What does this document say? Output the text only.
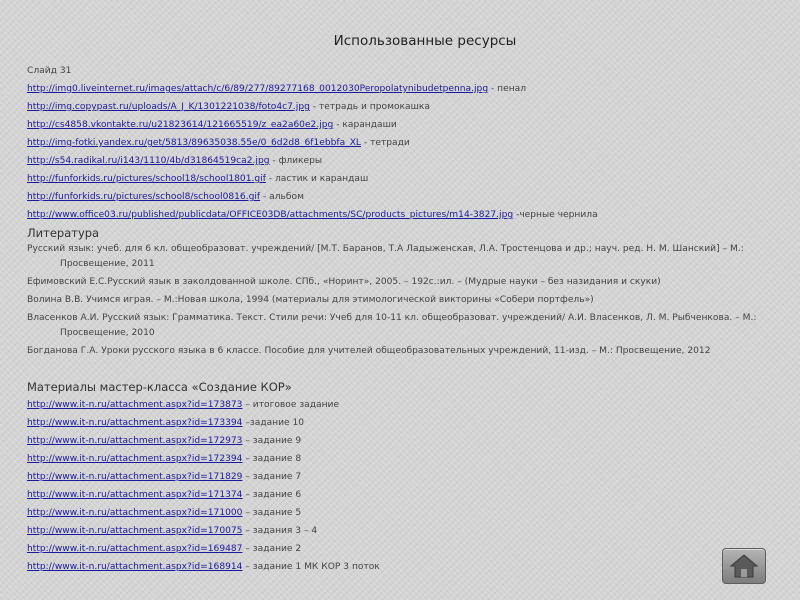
Использованные ресурсы
Слайд 31
http://img0.liveinternet.ru/images/attach/c/6/89/277/89277168_0012030Peropolatynibudetpenna.jpg - пенал
http://img.copypast.ru/uploads/A_J_K/1301221038/foto4c7.jpg - тетрадь и промокашка
http://cs4858.vkontakte.ru/u21823614/121665519/z_ea2a60e2.jpg - карандаши
http://img-fotki.yandex.ru/get/5813/89635038.55e/0_6d2d8_6f1ebbfa_XL - тетради
http://s54.radikal.ru/i143/1110/4b/d31864519ca2.jpg - фликеры
http://funforkids.ru/pictures/school18/school1801.gif - ластик и карандаш
http://funforkids.ru/pictures/school8/school0816.gif - альбом
http://www.office03.ru/published/publicdata/OFFICE03DB/attachments/SC/products_pictures/m14-3827.jpg -черные чернила
Литература
Русский язык: учеб. для 6 кл. общеобразоват. учреждений/ [М.Т. Баранов, Т.А Ладыженская, Л.А. Тростенцова и др.; науч. ред. Н. М. Шанский] – М.: Просвещение, 2011
Ефимовский Е.С.Русский язык в заколдованной школе. СПб., «Норинт», 2005. – 192с.:ил. – (Мудрые науки – без назидания и скуки)
Волина В.В. Учимся играя. – М.:Новая школа, 1994 (материалы для этимологической викторины «Собери портфель»)
Власенков А.И. Русский язык: Грамматика. Текст. Стили речи: Учеб для 10-11 кл. общеобразоват. учреждений/ А.И. Власенков, Л. М. Рыбченкова. – М.: Просвещение, 2010
Богданова Г.А. Уроки русского языка в 6 классе. Пособие для учителей общеобразовательных учреждений, 11-изд. – М.: Просвещение, 2012
Материалы мастер-класса «Создание КОР»
http://www.it-n.ru/attachment.aspx?id=173873 – итоговое задание
http://www.it-n.ru/attachment.aspx?id=173394 –задание 10
http://www.it-n.ru/attachment.aspx?id=172973 – задание 9
http://www.it-n.ru/attachment.aspx?id=172394 – задание 8
http://www.it-n.ru/attachment.aspx?id=171829 – задание 7
http://www.it-n.ru/attachment.aspx?id=171374 – задание 6
http://www.it-n.ru/attachment.aspx?id=171000 – задание 5
http://www.it-n.ru/attachment.aspx?id=170075 – задания 3 – 4
http://www.it-n.ru/attachment.aspx?id=169487 – задание 2
http://www.it-n.ru/attachment.aspx?id=168914 – задание 1 МК КОР 3 поток
